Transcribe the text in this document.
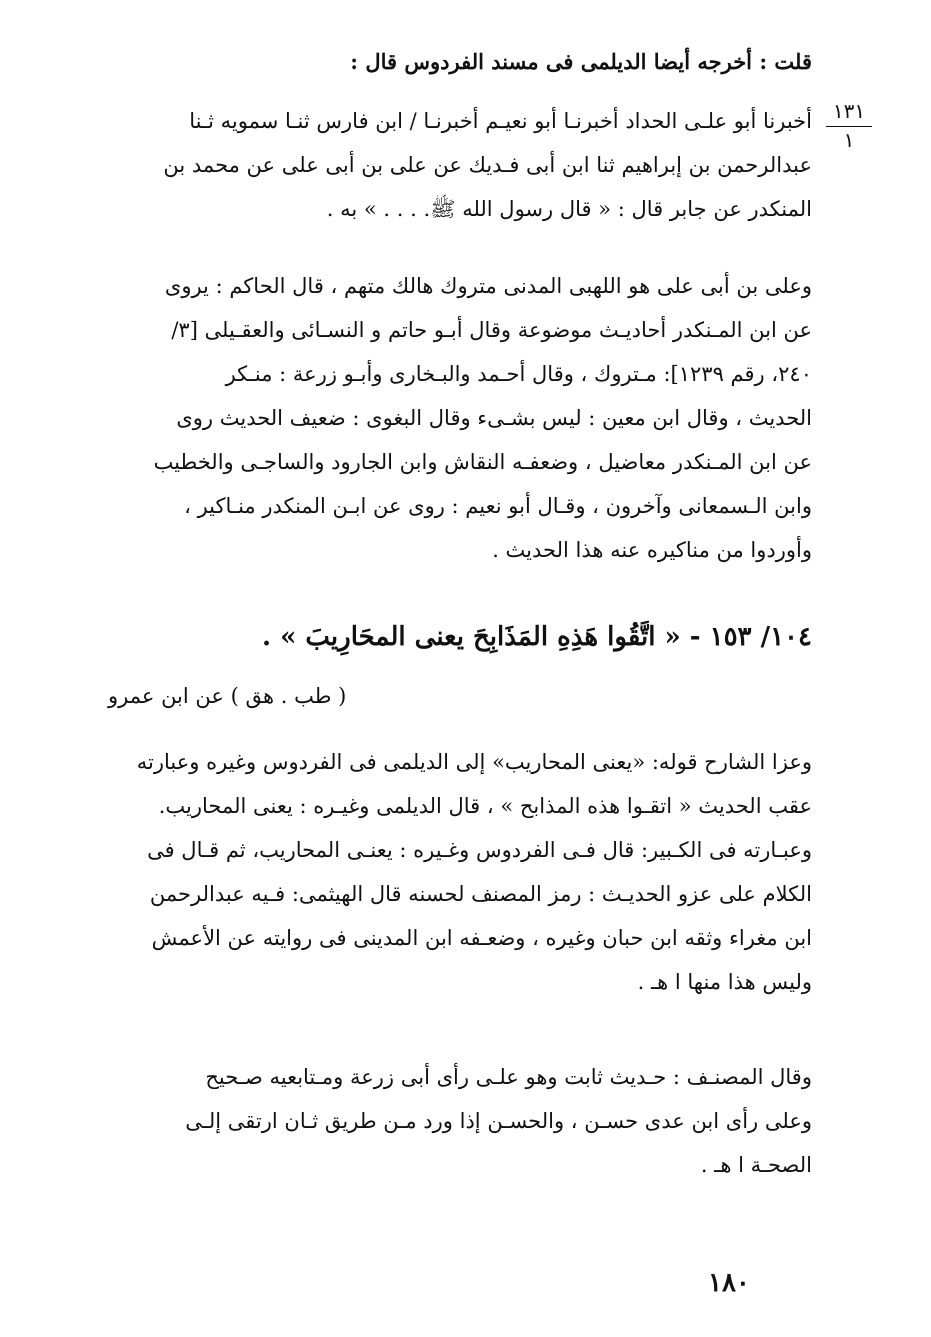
قلت : أخرجه أيضا الديلمى فى مسند الفردوس قال :
١٣١
١
أخبرنا أبو علـى الحداد أخبرنـا أبو نعيـم أخبرنـا / ابن فارس ثنـا سمويه ثـنا
عبدالرحمن بن إبراهيم ثنا ابن أبى فـديك عن على بن أبى على عن محمد بن
المنكدر عن جابر قال : « قال رسول الله ﷺ. . . . » به .
وعلى بن أبى على هو اللهبى المدنى متروك هالك متهم ، قال الحاكم : يروى
عن ابن المـنكدر أحاديـث موضوعة وقال أبـو حاتم و النسـائى والعقـيلى [٣/
٢٤٠، رقم ١٢٣٩]: مـتروك ، وقال أحـمد والبـخارى وأبـو زرعة : منـكر
الحديث ، وقال ابن معين : ليس بشـىء وقال البغوى : ضعيف الحديث روى
عن ابن المـنكدر معاضيل ، وضعفـه النقاش وابن الجارود والساجـى والخطيب
وابن الـسمعانى وآخرون ، وقـال أبو نعيم : روى عن ابـن المنكدر منـاكير ،
وأوردوا من مناكيره عنه هذا الحديث .
١٠٤/ ١٥٣ - « اتَّقُوا هَذِهِ المَذَابِحَ يعنى المحَارِيبَ » .
( طب . هق ) عن ابن عمرو
وعزا الشارح قوله: «يعنى المحاريب» إلى الديلمى فى الفردوس وغيره وعبارته
عقب الحديث « اتقـوا هذه المذابح » ، قال الديلمى وغيـره : يعنى المحاريب.
وعبـارته فى الكـبير: قال فـى الفردوس وغـيره : يعنـى المحاريب، ثم قـال فى
الكلام على عزو الحديـث : رمز المصنف لحسنه قال الهيثمى: فـيه عبدالرحمن
ابن مغراء وثقه ابن حبان وغيره ، وضعـفه ابن المدينى فى روايته عن الأعمش
وليس هذا منها ا هـ .
وقال المصنـف : حـديث ثابت وهو علـى رأى أبى زرعة ومـتابعيه صـحيح
وعلى رأى ابن عدى حسـن ، والحسـن إذا ورد مـن طريق ثـان ارتقى إلـى
الصحـة ا هـ .
١٨٠
